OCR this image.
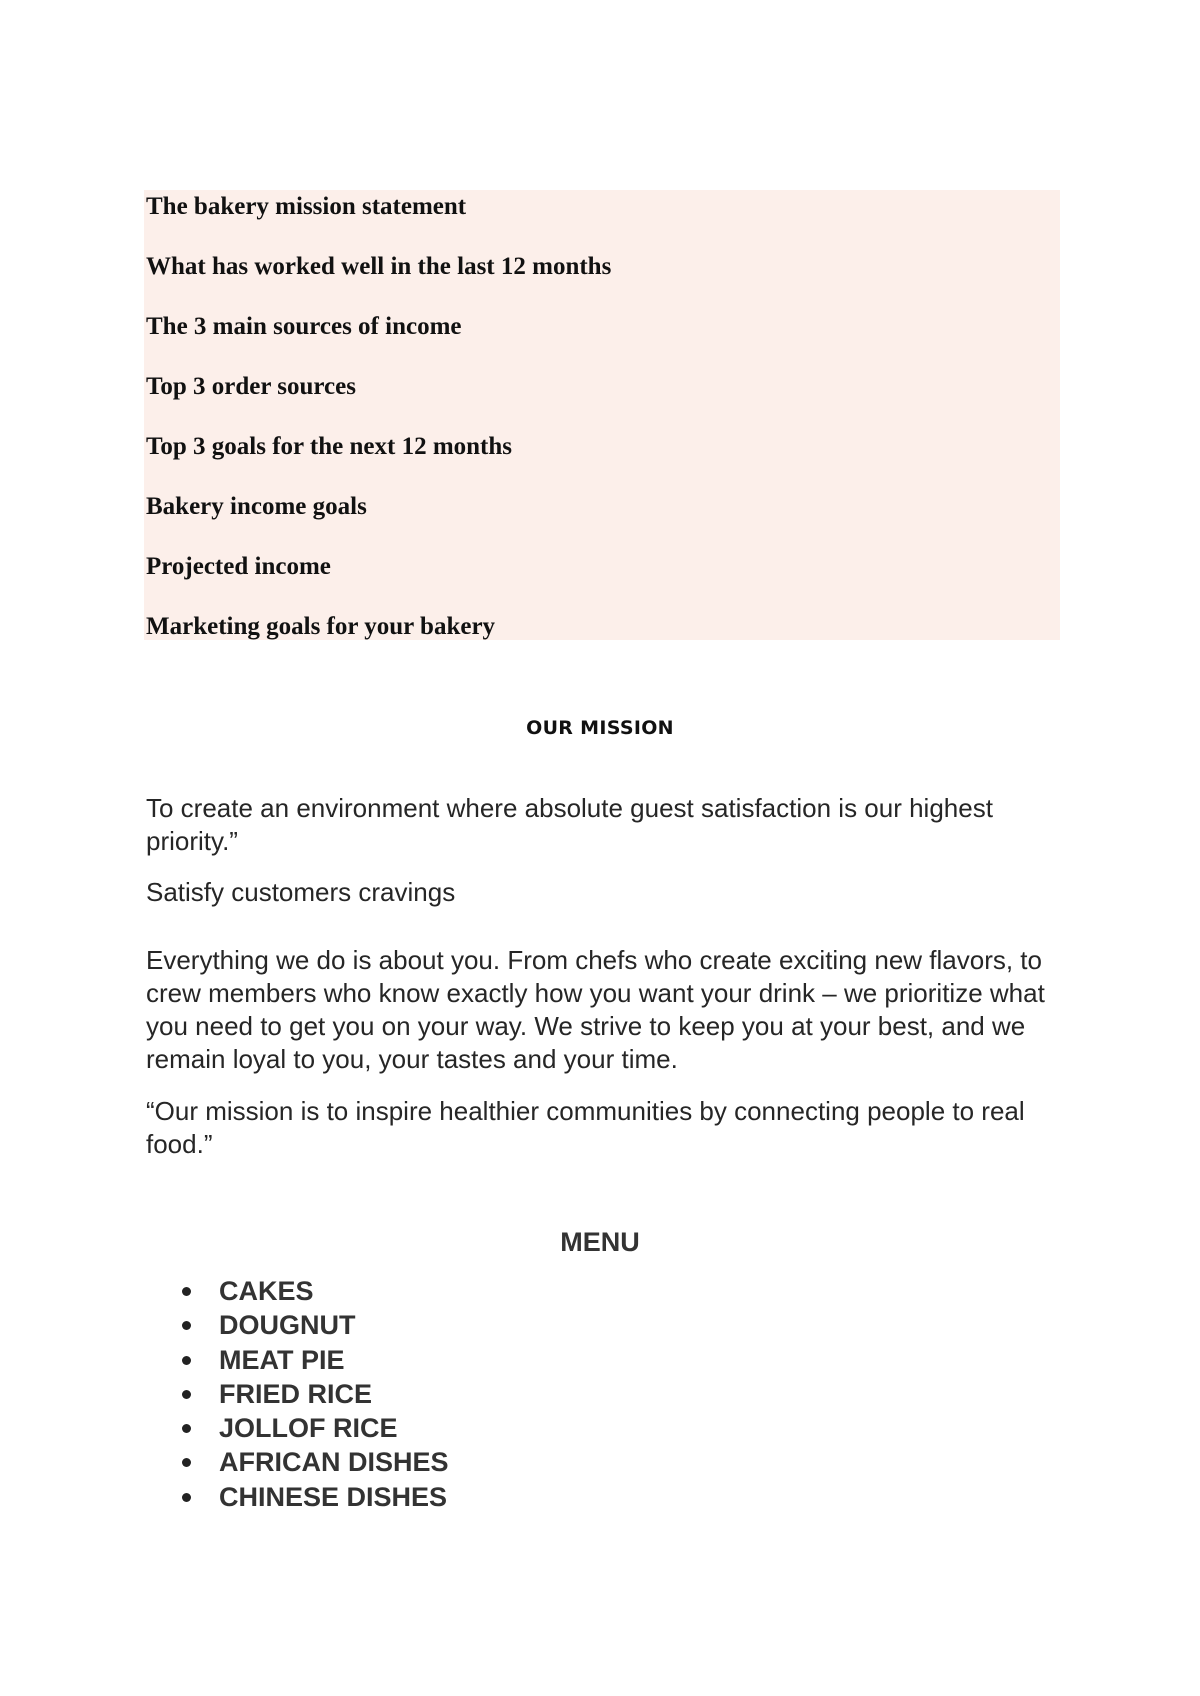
The bakery mission statement
What has worked well in the last 12 months
The 3 main sources of income
Top 3 order sources
Top 3 goals for the next 12 months
Bakery income goals
Projected income
Marketing goals for your bakery
OUR MISSION

To create an environment where absolute guest satisfaction is our highest priority.”

Satisfy customers cravings

Everything we do is about you. From chefs who create exciting new flavors, to crew members who know exactly how you want your drink – we prioritize what you need to get you on your way. We strive to keep you at your best, and we remain loyal to you, your tastes and your time.

“Our mission is to inspire healthier communities by connecting people to real food.”

MENU
CAKES
DOUGNUT
MEAT PIE
FRIED RICE
JOLLOF RICE
AFRICAN DISHES
CHINESE DISHES
